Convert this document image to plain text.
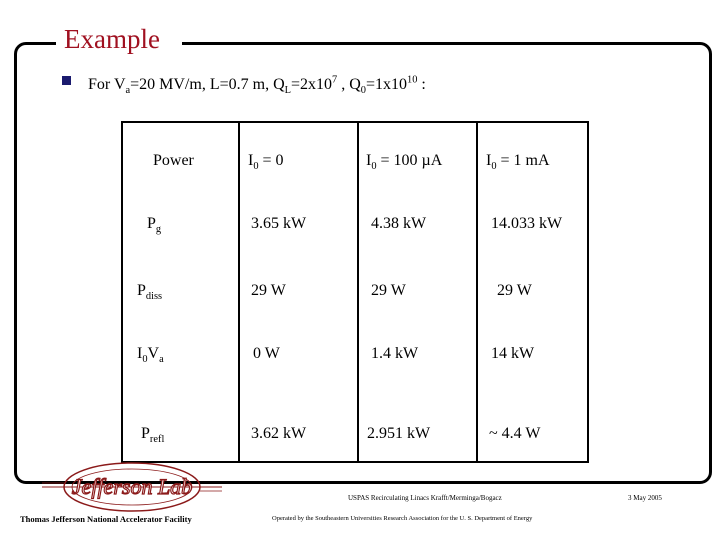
Example
For $V_a=20$ MV/m, L=0.7 m, $Q_L=2x10^7$ , $Q_0=1x10^{10}$ :
Power	$I_0 = 0$	$I_0 = 100$ µA	$I_0 = 1$ mA
$P_g$	3.65 kW	4.38 kW	14.033 kW
$P_{diss}$	29 W	29 W	29 W
$I_0V_a$	0 W	1.4 kW	14 kW
$P_{refl}$	3.62 kW	2.951 kW	~ 4.4 W
Jefferson Lab
Thomas Jefferson National Accelerator Facility
USPAS Recirculating Linacs Krafft/Merminga/Bogacz	3 May 2005
Operated by the Southeastern Universities Research Association for the U. S. Department of Energy
